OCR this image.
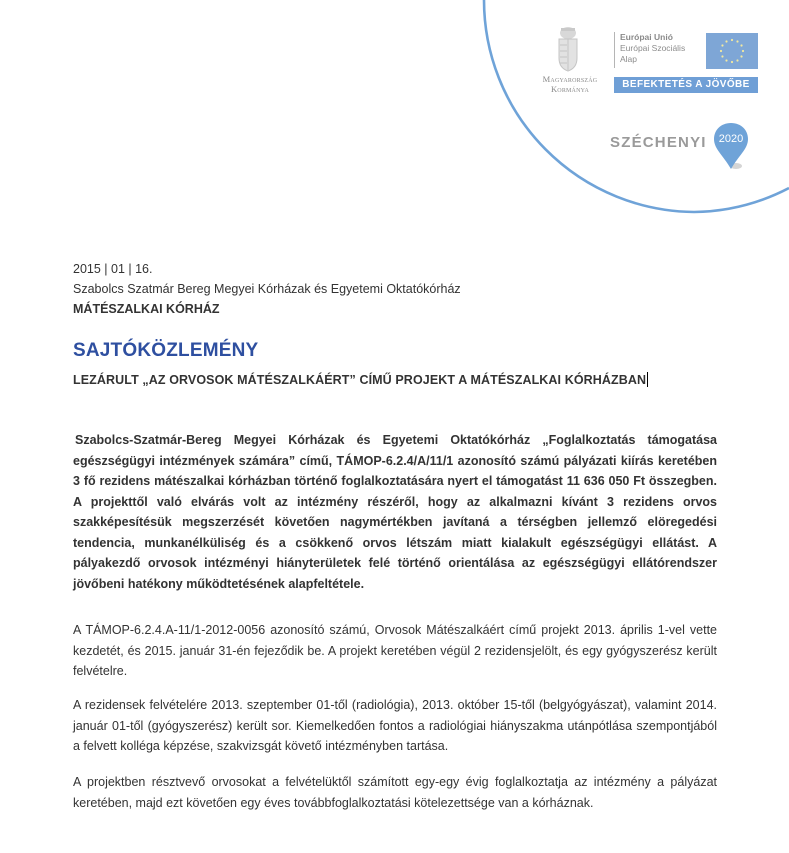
Magyarország
Kormánya
Európai Unió
Európai Szociális
Alap
BEFEKTETÉS A JÖVŐBE
SZÉCHENYI	2020
2015 | 01 | 16.
Szabolcs Szatmár Bereg Megyei Kórházak és Egyetemi Oktatókórház
MÁTÉSZALKAI KÓRHÁZ
SAJTÓKÖZLEMÉNY
LEZÁRULT „AZ ORVOSOK MÁTÉSZALKÁÉRT” CÍMŰ PROJEKT A MÁTÉSZALKAI KÓRHÁZBAN
Szabolcs-Szatmár-Bereg Megyei Kórházak és Egyetemi Oktatókórház „Foglalkoztatás támogatása egészségügyi intézmények számára” című, TÁMOP-6.2.4/A/11/1 azonosító számú pályázati kiírás keretében 3 fő rezidens mátészalkai kórházban történő foglalkoztatására nyert el támogatást 11 636 050 Ft összegben. A projekttől való elvárás volt az intézmény részéről, hogy az alkalmazni kívánt 3 rezidens orvos szakképesítésük megszerzését követően nagymértékben javítaná a térségben jellemző elöregedési tendencia, munkanélküliség és a csökkenő orvos létszám miatt kialakult egészségügyi ellátást. A pályakezdő orvosok intézményi hiányterületek felé történő orientálása az egészségügyi ellátórendszer jövőbeni hatékony működtetésének alapfeltétele.
A TÁMOP-6.2.4.A-11/1-2012-0056 azonosító számú, Orvosok Mátészalkáért című projekt 2013. április 1-vel vette kezdetét, és 2015. január 31-én fejeződik be. A projekt keretében végül 2 rezidensjelölt, és egy gyógyszerész került felvételre.
A rezidensek felvételére 2013. szeptember 01-től (radiológia), 2013. október 15-től (belgyógyászat), valamint 2014. január 01-től (gyógyszerész) került sor. Kiemelkedően fontos a radiológiai hiányszakma utánpótlása szempontjából a felvett kolléga képzése, szakvizsgát követő intézményben tartása.
A projektben résztvevő orvosokat a felvételüktől számított egy-egy évig foglalkoztatja az intézmény a pályázat keretében, majd ezt követően egy éves továbbfoglalkoztatási kötelezettsége van a kórháznak.
